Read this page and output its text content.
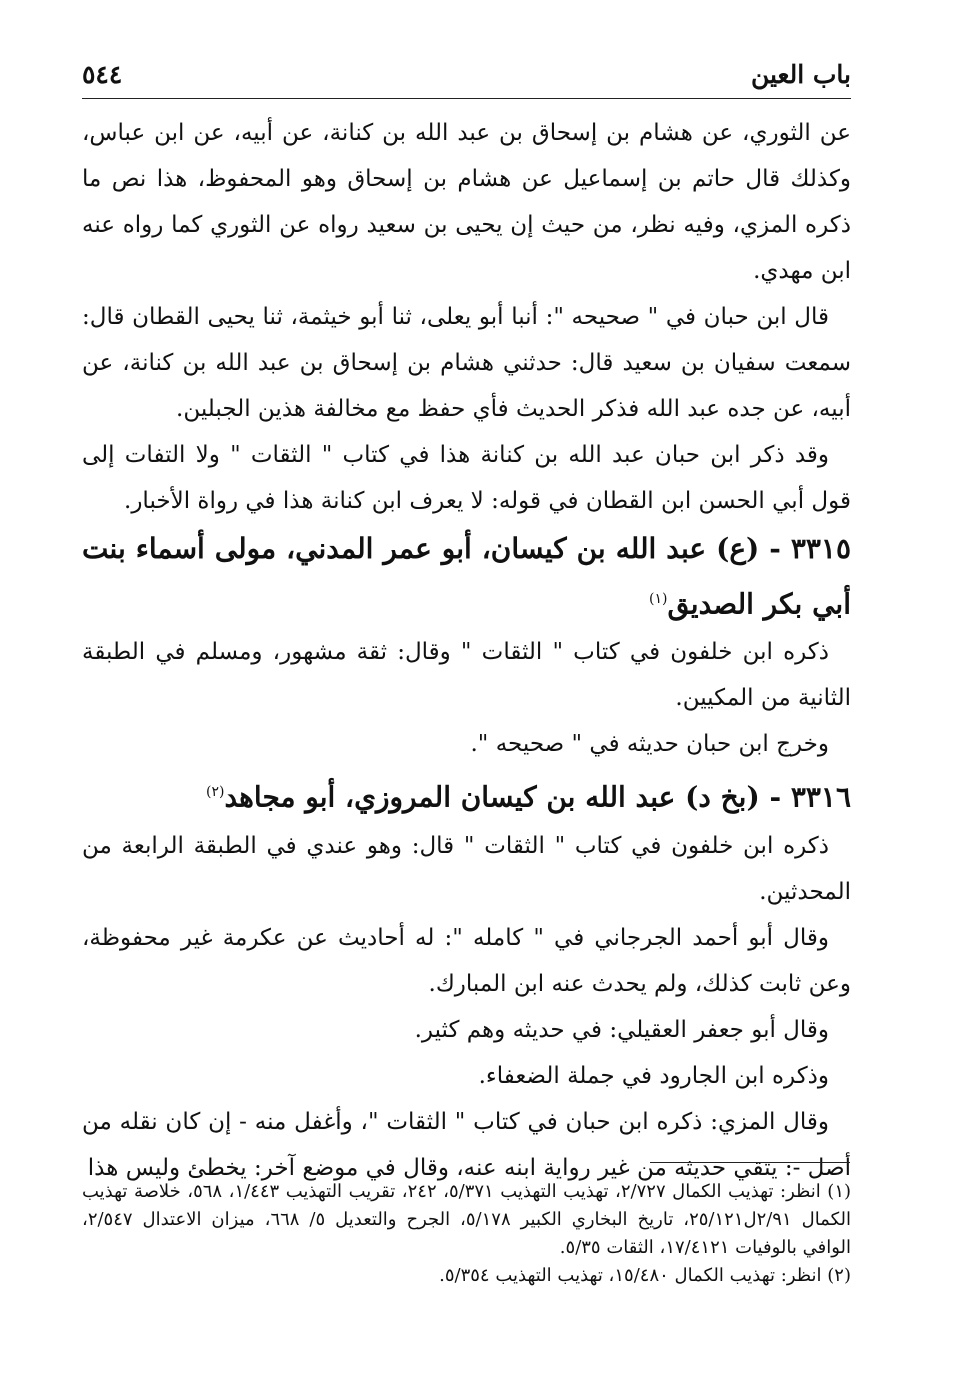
باب العين
٥٤٤

عن الثوري، عن هشام بن إسحاق بن عبد الله بن كنانة، عن أبيه، عن ابن عباس، وكذلك قال حاتم بن إسماعيل عن هشام بن إسحاق وهو المحفوظ، هذا نص ما ذكره المزي، وفيه نظر، من حيث إن يحيى بن سعيد رواه عن الثوري كما رواه عنه ابن مهدي.

قال ابن حبان في " صحيحه ": أنبا أبو يعلى، ثنا أبو خيثمة، ثنا يحيى القطان قال: سمعت سفيان بن سعيد قال: حدثني هشام بن إسحاق بن عبد الله بن كنانة، عن أبيه، عن جده عبد الله فذكر الحديث فأي حفظ مع مخالفة هذين الجبلين.

وقد ذكر ابن حبان عبد الله بن كنانة هذا في كتاب " الثقات " ولا التفات إلى قول أبي الحسن ابن القطان في قوله: لا يعرف ابن كنانة هذا في رواة الأخبار.

٣٣١٥ - (ع) عبد الله بن كيسان، أبو عمر المدني، مولى أسماء بنت أبي بكر الصديق$^{(١)}$

ذكره ابن خلفون في كتاب " الثقات " وقال: ثقة مشهور، ومسلم في الطبقة الثانية من المكيين.

وخرج ابن حبان حديثه في " صحيحه ".

٣٣١٦ - (بخ د) عبد الله بن كيسان المروزي، أبو مجاهد$^{(٢)}$

ذكره ابن خلفون في كتاب " الثقات " قال: وهو عندي في الطبقة الرابعة من المحدثين.

وقال أبو أحمد الجرجاني في " كامله ": له أحاديث عن عكرمة غير محفوظة، وعن ثابت كذلك، ولم يحدث عنه ابن المبارك.

وقال أبو جعفر العقيلي: في حديثه وهم كثير.

وذكره ابن الجارود في جملة الضعفاء.

وقال المزي: ذكره ابن حبان في كتاب " الثقات "، وأغفل منه - إن كان نقله من أصل -: يتقي حديثه من غير رواية ابنه عنه، وقال في موضع آخر: يخطئ وليس هذا

(١) انظر: تهذيب الكمال ٢/٧٢٧، تهذيب التهذيب ٥/٣٧١، ٢٤٢، تقريب التهذيب ١/٤٤٣، ٥٦٨، خلاصة تهذيب الكمال ٢/٩١ل٢٥/١٢١، تاريخ البخاري الكبير ٥/١٧٨، الجرح والتعديل ٥/ ٦٦٨، ميزان الاعتدال ٢/٥٤٧، الوافي بالوفيات ١٧/٤١٢١، الثقات ٥/٣٥.

(٢) انظر: تهذيب الكمال ١٥/٤٨٠، تهذيب التهذيب ٥/٣٥٤.
